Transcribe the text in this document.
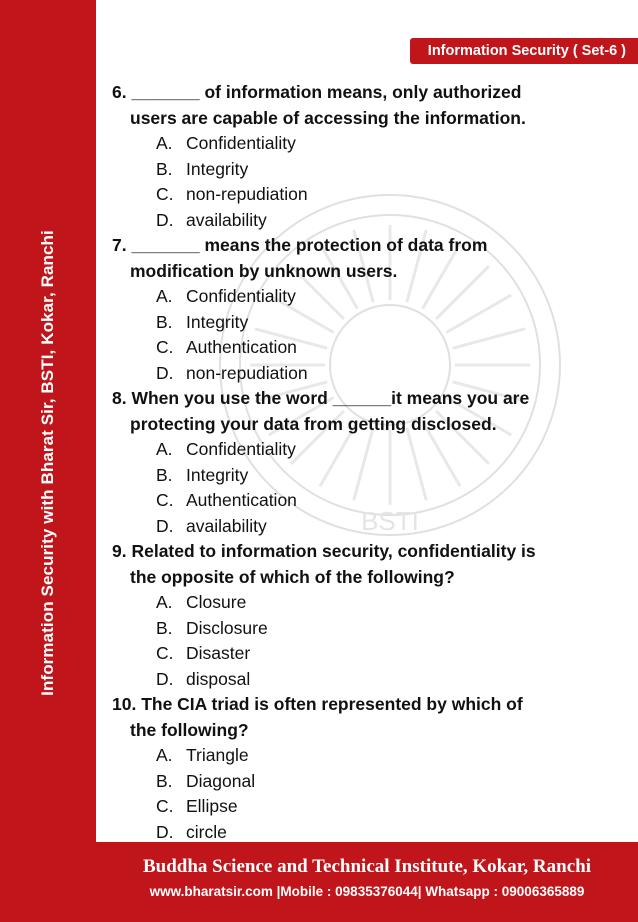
Information Security with Bharat Sir, BSTI, Kokar, Ranchi
Information Security ( Set-6 )
BSTI
6. _______ of information means, only authorized
users are capable of accessing the information.
A. Confidentiality
B. Integrity
C. non-repudiation
D. availability
7. _______ means the protection of data from
modification by unknown users.
A. Confidentiality
B. Integrity
C. Authentication
D. non-repudiation
8. When you use the word ______it means you are
protecting your data from getting disclosed.
A. Confidentiality
B. Integrity
C. Authentication
D. availability
9. Related to information security, confidentiality is
the opposite of which of the following?
A. Closure
B. Disclosure
C. Disaster
D. disposal
10. The CIA triad is often represented by which of
the following?
A. Triangle
B. Diagonal
C. Ellipse
D. circle
Buddha Science and Technical Institute, Kokar, Ranchi
www.bharatsir.com |Mobile : 09835376044| Whatsapp : 09006365889
